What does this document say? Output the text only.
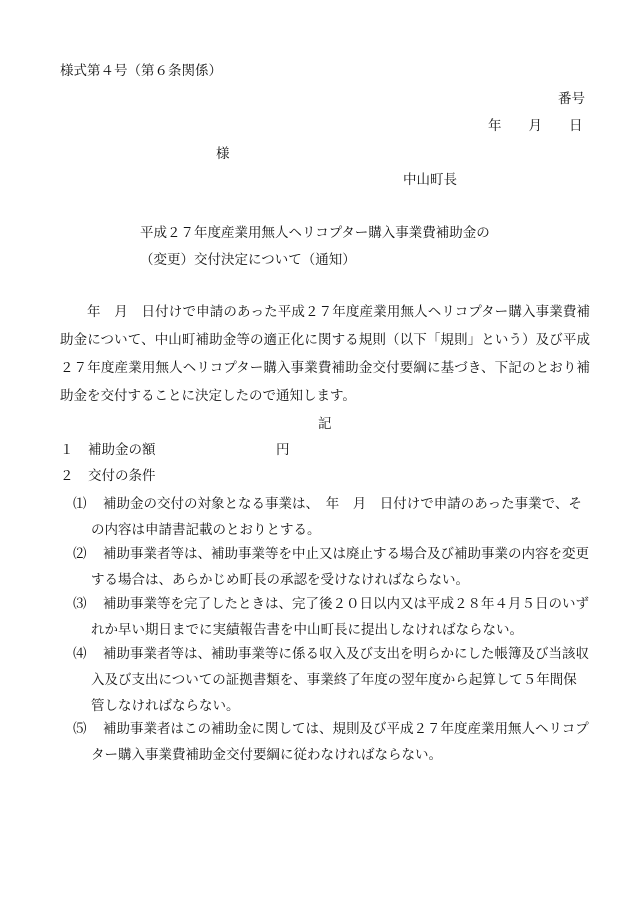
様式第４号（第６条関係）
番号
年　　月　　日
様
中山町長
平成２７年度産業用無人ヘリコプター購入事業費補助金の
（変更）交付決定について（通知）
年　月　日付けで申請のあった平成２７年度産業用無人ヘリコプター購入事業費補助金について、中山町補助金等の適正化に関する規則（以下「規則」という）及び平成２７年度産業用無人ヘリコプター購入事業費補助金交付要綱に基づき、下記のとおり補助金を交付することに決定したので通知します。
記
１ 補助金の額	円
２ 交付の条件
⑴	補助金の交付の対象となる事業は、　年　月　日付けで申請のあった事業で、その内容は申請書記載のとおりとする。
⑵	補助事業者等は、補助事業等を中止又は廃止する場合及び補助事業の内容を変更する場合は、あらかじめ町長の承認を受けなければならない。
⑶	補助事業等を完了したときは、完了後２０日以内又は平成２８年４月５日のいずれか早い期日までに実績報告書を中山町長に提出しなければならない。
⑷	補助事業者等は、補助事業等に係る収入及び支出を明らかにした帳簿及び当該収入及び支出についての証拠書類を、事業終了年度の翌年度から起算して５年間保管しなければならない。
⑸	補助事業者はこの補助金に関しては、規則及び平成２７年度産業用無人ヘリコプター購入事業費補助金交付要綱に従わなければならない。
